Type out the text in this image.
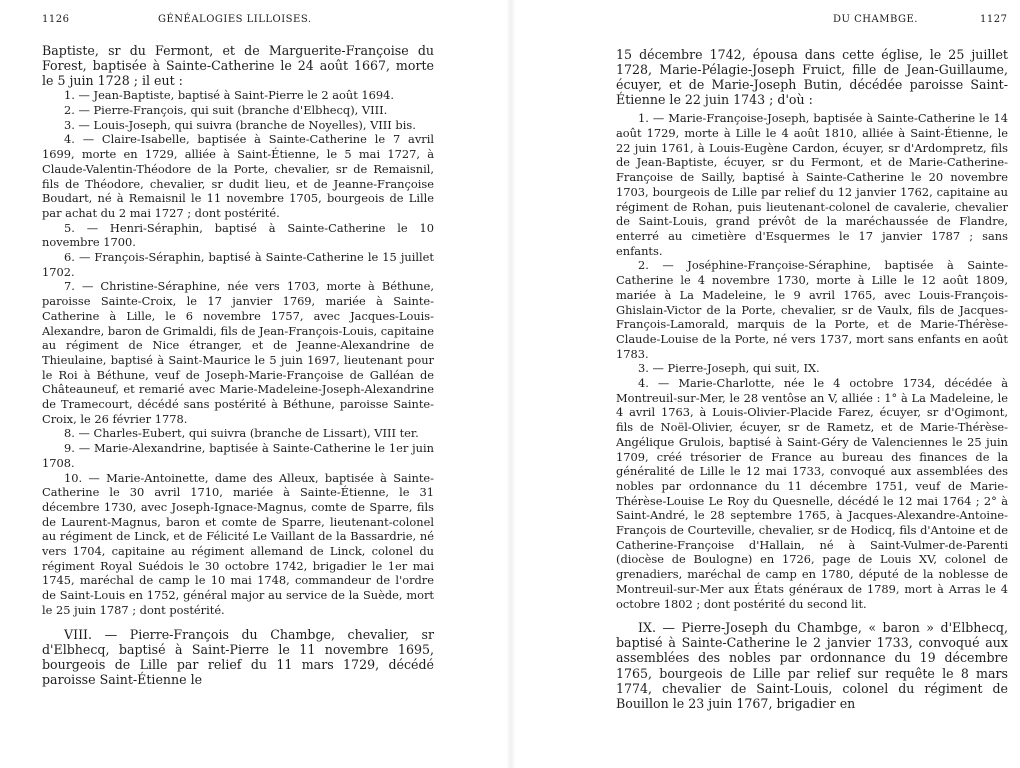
1126	GÉNÉALOGIES LILLOISES.

Baptiste, sr du Fermont, et de Marguerite-Françoise du Forest, baptisée à Sainte-Catherine le 24 août 1667, morte le 5 juin 1728 ; il eut :

1. — Jean-Baptiste, baptisé à Saint-Pierre le 2 août 1694.

2. — Pierre-François, qui suit (branche d'Elbhecq), VIII.

3. — Louis-Joseph, qui suivra (branche de Noyelles), VIII bis.

4. — Claire-Isabelle, baptisée à Sainte-Catherine le 7 avril 1699, morte en 1729, alliée à Saint-Étienne, le 5 mai 1727, à Claude-Valentin-Théodore de la Porte, chevalier, sr de Remaisnil, fils de Théodore, chevalier, sr dudit lieu, et de Jeanne-Françoise Boudart, né à Remaisnil le 11 novembre 1705, bourgeois de Lille par achat du 2 mai 1727 ; dont postérité.

5. — Henri-Séraphin, baptisé à Sainte-Catherine le 10 novembre 1700.

6. — François-Séraphin, baptisé à Sainte-Catherine le 15 juillet 1702.

7. — Christine-Séraphine, née vers 1703, morte à Béthune, paroisse Sainte-Croix, le 17 janvier 1769, mariée à Sainte-Catherine à Lille, le 6 novembre 1757, avec Jacques-Louis-Alexandre, baron de Grimaldi, fils de Jean-François-Louis, capitaine au régiment de Nice étranger, et de Jeanne-Alexandrine de Thieulaine, baptisé à Saint-Maurice le 5 juin 1697, lieutenant pour le Roi à Béthune, veuf de Joseph-Marie-Françoise de Galléan de Châteauneuf, et remarié avec Marie-Madeleine-Joseph-Alexandrine de Tramecourt, décédé sans postérité à Béthune, paroisse Sainte-Croix, le 26 février 1778.

8. — Charles-Eubert, qui suivra (branche de Lissart), VIII ter.

9. — Marie-Alexandrine, baptisée à Sainte-Catherine le 1er juin 1708.

10. — Marie-Antoinette, dame des Alleux, baptisée à Sainte-Catherine le 30 avril 1710, mariée à Sainte-Étienne, le 31 décembre 1730, avec Joseph-Ignace-Magnus, comte de Sparre, fils de Laurent-Magnus, baron et comte de Sparre, lieutenant-colonel au régiment de Linck, et de Félicité Le Vaillant de la Bassardrie, né vers 1704, capitaine au régiment allemand de Linck, colonel du régiment Royal Suédois le 30 octobre 1742, brigadier le 1er mai 1745, maréchal de camp le 10 mai 1748, commandeur de l'ordre de Saint-Louis en 1752, général major au service de la Suède, mort le 25 juin 1787 ; dont postérité.

VIII. — Pierre-François du Chambge, chevalier, sr d'Elbhecq, baptisé à Saint-Pierre le 11 novembre 1695, bourgeois de Lille par relief du 11 mars 1729, décédé paroisse Saint-Étienne le

DU CHAMBGE.	1127

15 décembre 1742, épousa dans cette église, le 25 juillet 1728, Marie-Pélagie-Joseph Fruict, fille de Jean-Guillaume, écuyer, et de Marie-Joseph Butin, décédée paroisse Saint-Étienne le 22 juin 1743 ; d'où :

1. — Marie-Françoise-Joseph, baptisée à Sainte-Catherine le 14 août 1729, morte à Lille le 4 août 1810, alliée à Saint-Étienne, le 22 juin 1761, à Louis-Eugène Cardon, écuyer, sr d'Ardompretz, fils de Jean-Baptiste, écuyer, sr du Fermont, et de Marie-Catherine-Françoise de Sailly, baptisé à Sainte-Catherine le 20 novembre 1703, bourgeois de Lille par relief du 12 janvier 1762, capitaine au régiment de Rohan, puis lieutenant-colonel de cavalerie, chevalier de Saint-Louis, grand prévôt de la maréchaussée de Flandre, enterré au cimetière d'Esquermes le 17 janvier 1787 ; sans enfants.

2. — Joséphine-Françoise-Séraphine, baptisée à Sainte-Catherine le 4 novembre 1730, morte à Lille le 12 août 1809, mariée à La Madeleine, le 9 avril 1765, avec Louis-François-Ghislain-Victor de la Porte, chevalier, sr de Vaulx, fils de Jacques-François-Lamorald, marquis de la Porte, et de Marie-Thérèse-Claude-Louise de la Porte, né vers 1737, mort sans enfants en août 1783.

3. — Pierre-Joseph, qui suit, IX.

4. — Marie-Charlotte, née le 4 octobre 1734, décédée à Montreuil-sur-Mer, le 28 ventôse an V, alliée : 1° à La Madeleine, le 4 avril 1763, à Louis-Olivier-Placide Farez, écuyer, sr d'Ogimont, fils de Noël-Olivier, écuyer, sr de Rametz, et de Marie-Thérèse-Angélique Grulois, baptisé à Saint-Géry de Valenciennes le 25 juin 1709, créé trésorier de France au bureau des finances de la généralité de Lille le 12 mai 1733, convoqué aux assemblées des nobles par ordonnance du 11 décembre 1751, veuf de Marie-Thérèse-Louise Le Roy du Quesnelle, décédé le 12 mai 1764 ; 2° à Saint-André, le 28 septembre 1765, à Jacques-Alexandre-Antoine-François de Courteville, chevalier, sr de Hodicq, fils d'Antoine et de Catherine-Françoise d'Hallain, né à Saint-Vulmer-de-Parenti (diocèse de Boulogne) en 1726, page de Louis XV, colonel de grenadiers, maréchal de camp en 1780, député de la noblesse de Montreuil-sur-Mer aux États généraux de 1789, mort à Arras le 4 octobre 1802 ; dont postérité du second lit.

IX. — Pierre-Joseph du Chambge, « baron » d'Elbhecq, baptisé à Sainte-Catherine le 2 janvier 1733, convoqué aux assemblées des nobles par ordonnance du 19 décembre 1765, bourgeois de Lille par relief sur requête le 8 mars 1774, chevalier de Saint-Louis, colonel du régiment de Bouillon le 23 juin 1767, brigadier en
